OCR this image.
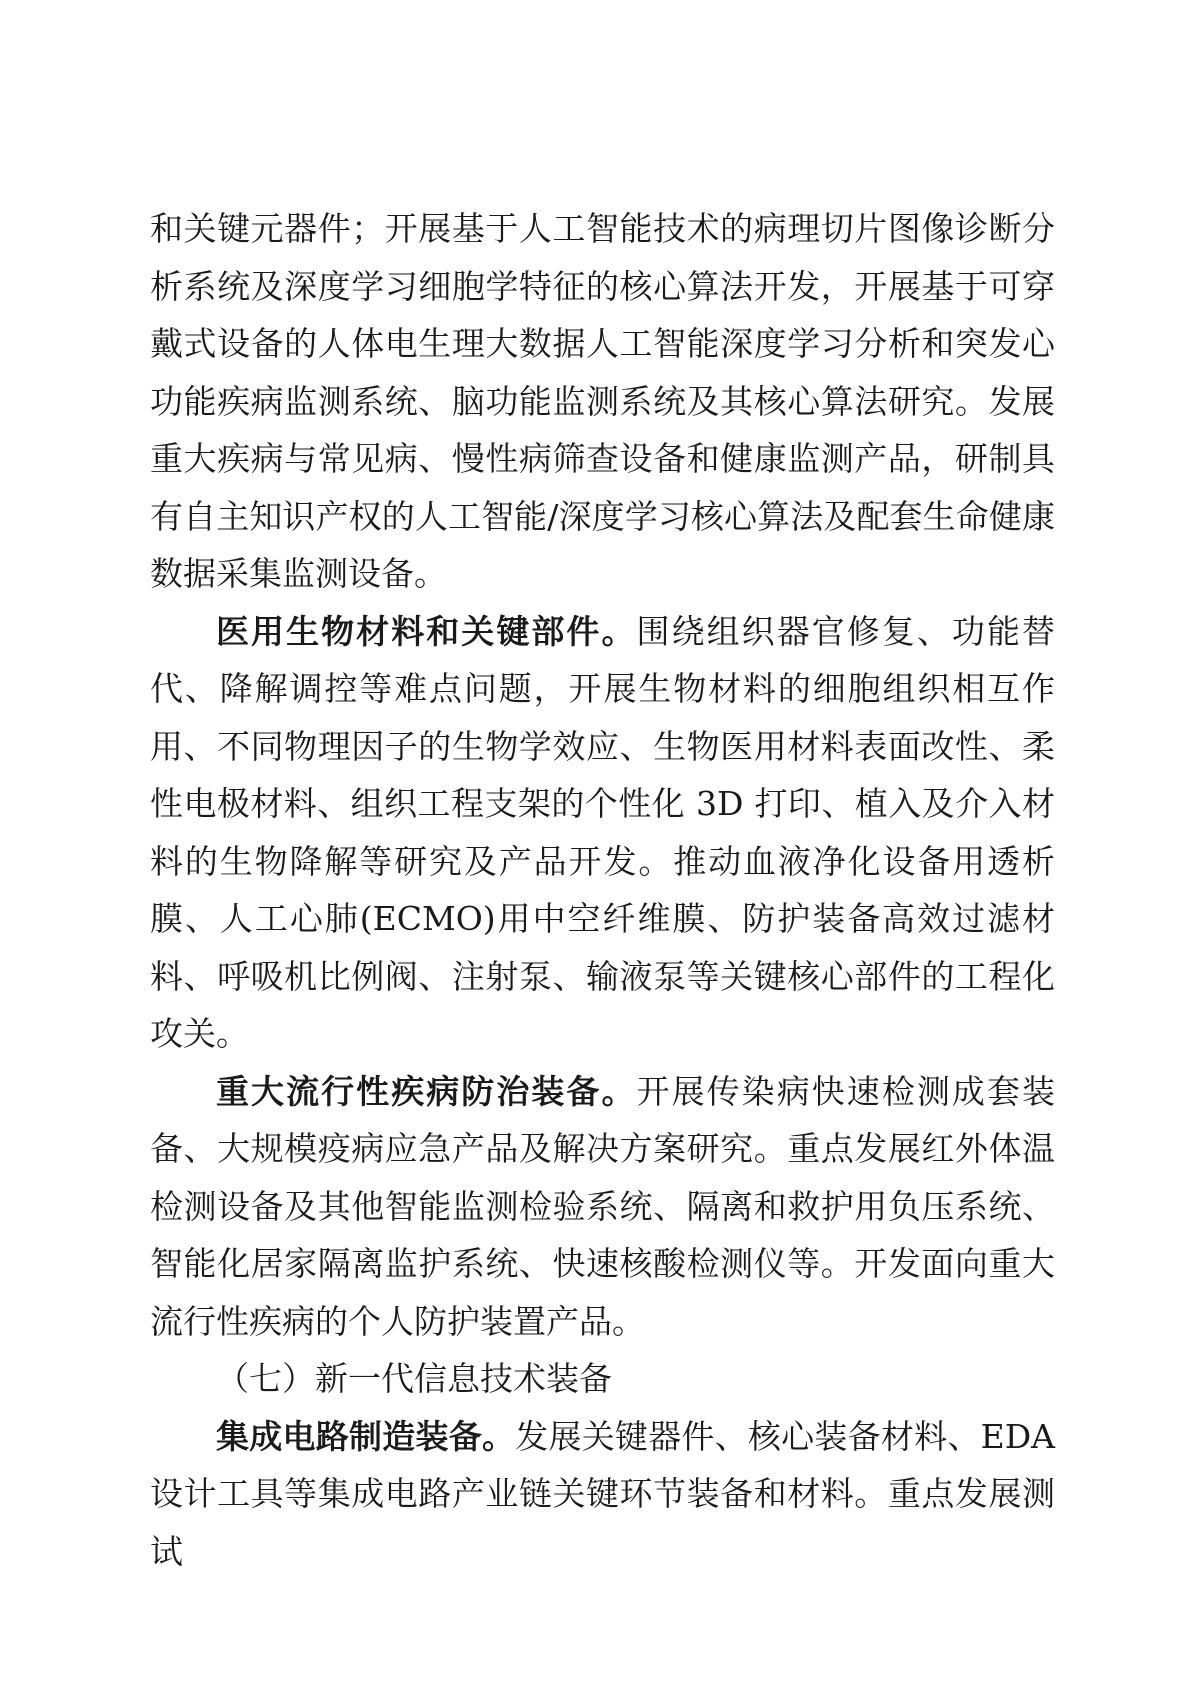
和关键元器件；开展基于人工智能技术的病理切片图像诊断分析系统及深度学习细胞学特征的核心算法开发，开展基于可穿戴式设备的人体电生理大数据人工智能深度学习分析和突发心功能疾病监测系统、脑功能监测系统及其核心算法研究。发展重大疾病与常见病、慢性病筛查设备和健康监测产品，研制具有自主知识产权的人工智能/深度学习核心算法及配套生命健康数据采集监测设备。

医用生物材料和关键部件。围绕组织器官修复、功能替代、降解调控等难点问题，开展生物材料的细胞组织相互作用、不同物理因子的生物学效应、生物医用材料表面改性、柔性电极材料、组织工程支架的个性化 3D 打印、植入及介入材料的生物降解等研究及产品开发。推动血液净化设备用透析膜、人工心肺(ECMO)用中空纤维膜、防护装备高效过滤材料、呼吸机比例阀、注射泵、输液泵等关键核心部件的工程化攻关。

重大流行性疾病防治装备。开展传染病快速检测成套装备、大规模疫病应急产品及解决方案研究。重点发展红外体温检测设备及其他智能监测检验系统、隔离和救护用负压系统、智能化居家隔离监护系统、快速核酸检测仪等。开发面向重大流行性疾病的个人防护装置产品。

（七）新一代信息技术装备

集成电路制造装备。发展关键器件、核心装备材料、EDA 设计工具等集成电路产业链关键环节装备和材料。重点发展测试
